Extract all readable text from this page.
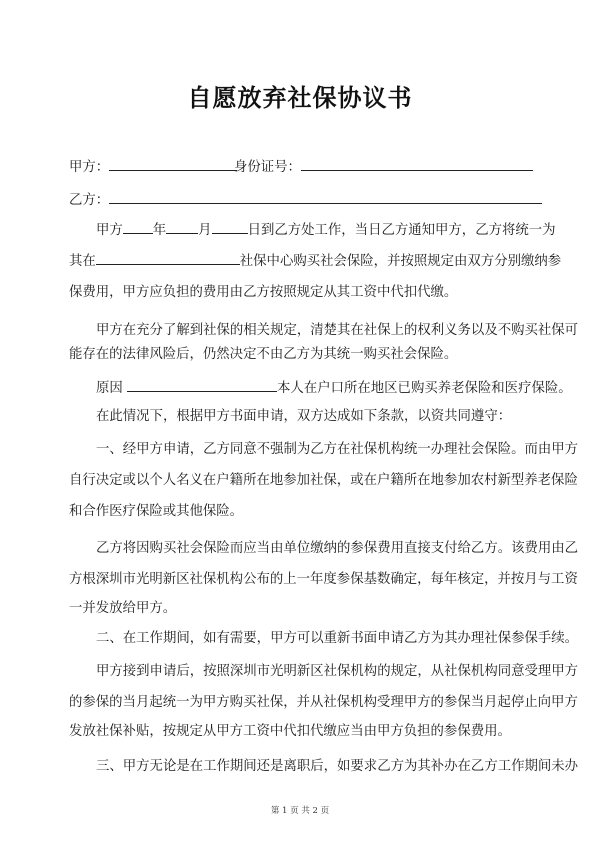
自愿放弃社保协议书
甲方：	身份证号：
乙方：
甲方 年 月	日到乙方处工作，当日乙方通知甲方，乙方将统一为
其在	社保中心购买社会保险，并按照规定由双方分别缴纳参
保费用，甲方应负担的费用由乙方按照规定从其工资中代扣代缴。
甲方在充分了解到社保的相关规定，清楚其在社保上的权利义务以及不购买社保可
能存在的法律风险后，仍然决定不由乙方为其统一购买社会保险。
原因	本人在户口所在地区已购买养老保险和医疗保险。
在此情况下，根据甲方书面申请，双方达成如下条款，以资共同遵守：
一、经甲方申请，乙方同意不强制为乙方在社保机构统一办理社会保险。而由甲方
自行决定或以个人名义在户籍所在地参加社保，或在户籍所在地参加农村新型养老保险
和合作医疗保险或其他保险。
乙方将因购买社会保险而应当由单位缴纳的参保费用直接支付给乙方。该费用由乙
方根深圳市光明新区社保机构公布的上一年度参保基数确定，每年核定，并按月与工资
一并发放给甲方。
二、在工作期间，如有需要，甲方可以重新书面申请乙方为其办理社保参保手续。
甲方接到申请后，按照深圳市光明新区社保机构的规定，从社保机构同意受理甲方
的参保的当月起统一为甲方购买社保，并从社保机构受理甲方的参保当月起停止向甲方
发放社保补贴，按规定从甲方工资中代扣代缴应当由甲方负担的参保费用。
三、甲方无论是在工作期间还是离职后，如要求乙方为其补办在乙方工作期间未办
第 1 页 共 2 页
